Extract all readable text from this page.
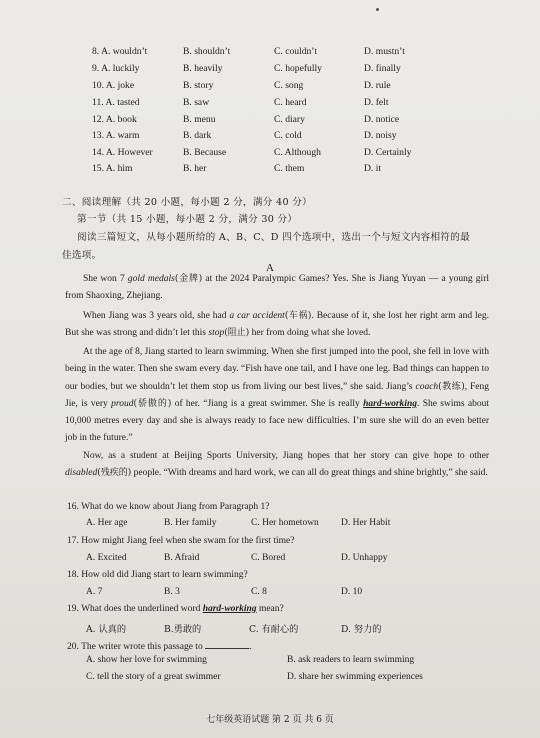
8. A. wouldn’t	B. shouldn’t	C. couldn’t	D. mustn’t
9. A. luckily	B. heavily	C. hopefully	D. finally
10. A. joke	B. story	C. song	D. rule
11. A. tasted	B. saw	C. heard	D. felt
12. A. book	B. menu	C. diary	D. notice
13. A. warm	B. dark	C. cold	D. noisy
14. A. However	B. Because	C. Although	D. Certainly
15. A. him	B. her	C. them	D. it
二、阅读理解（共 20 小题，每小题 2 分，满分 40 分）
第一节（共 15 小题，每小题 2 分，满分 30 分）
阅读三篇短文，从每小题所给的 A、B、C、D 四个选项中，选出一个与短文内容相符的最
佳选项。
A
She won 7 gold medals(金牌) at the 2024 Paralympic Games? Yes. She is Jiang Yuyan — a young girl from Shaoxing, Zhejiang.
When Jiang was 3 years old, she had a car accident(车祸). Because of it, she lost her right arm and leg. But she was strong and didn’t let this stop(阻止) her from doing what she loved.
At the age of 8, Jiang started to learn swimming. When she first jumped into the pool, she fell in love with being in the water. Then she swam every day. “Fish have one tail, and I have one leg. Bad things can happen to our bodies, but we shouldn’t let them stop us from living our best lives,” she said. Jiang’s coach(教练), Feng Jie, is very proud(骄傲的) of her. “Jiang is a great swimmer. She is really hard-working. She swims about 10,000 metres every day and she is always ready to face new difficulties. I’m sure she will do an even better job in the future.”
Now, as a student at Beijing Sports University, Jiang hopes that her story can give hope to other disabled(残疾的) people. “With dreams and hard work, we can all do great things and shine brightly,” she said.
16. What do we know about Jiang from Paragraph 1?
A. Her age	B. Her family	C. Her hometown D. Her Habit
17. How might Jiang feel when she swam for the first time?
A. Excited	B. Afraid	C. Bored	D. Unhappy
18. How old did Jiang start to learn swimming?
A. 7	B. 3	C. 8	D. 10
19. What does the underlined word hard-working mean?
A. 认真的	B.勇敢的	C. 有耐心的	D. 努力的
20. The writer wrote this passage to	.
A. show her love for swimming	B. ask readers to learn swimming
C. tell the story of a great swimmer	D. share her swimming experiences
七年级英语试题 第 2 页 共 6 页
